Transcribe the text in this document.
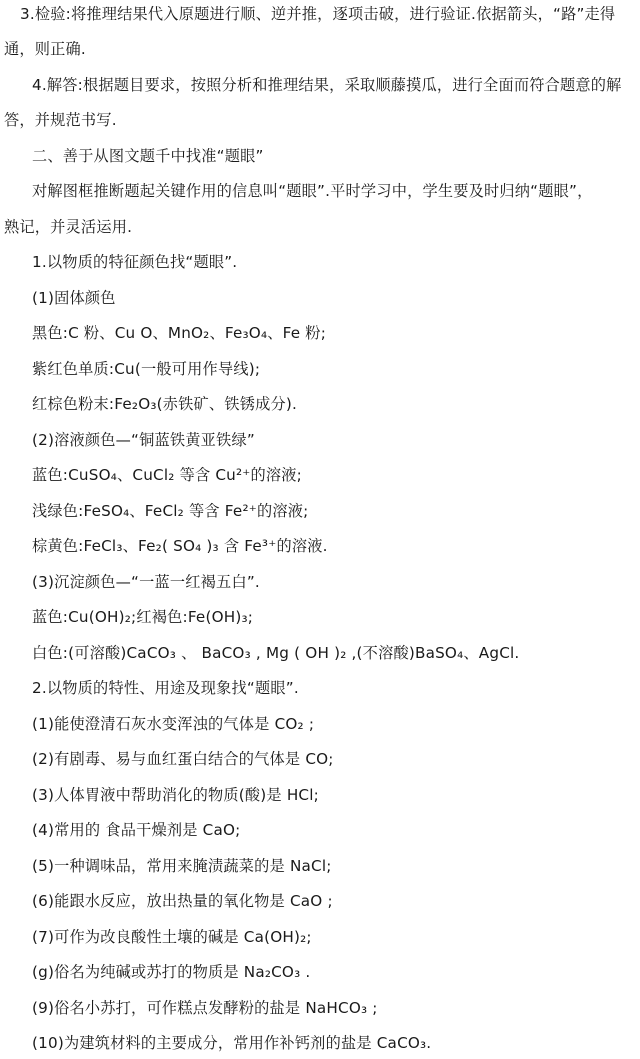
3.检验:将推理结果代入原题进行顺、逆并推，逐项击破，进行验证.依据箭头，“路”走得
通，则正确.
4.解答:根据题目要求，按照分析和推理结果，采取顺藤摸瓜，进行全面而符合题意的解
答，并规范书写.
二、善于从图文题千中找准“题眼”
对解图框推断题起关键作用的信息叫“题眼”.平时学习中，学生要及时归纳“题眼”，
熟记，并灵活运用.
1.以物质的特征颜色找“题眼”.
(1)固体颜色
黑色:C 粉、Cu O、MnO₂、Fe₃O₄、Fe 粉;
紫红色单质:Cu(一般可用作导线);
红棕色粉末:Fe₂O₃(赤铁矿、铁锈成分).
(2)溶液颜色—“铜蓝铁黄亚铁绿”
蓝色:CuSO₄、CuCl₂ 等含 Cu²⁺的溶液;
浅绿色:FeSO₄、FeCl₂ 等含 Fe²⁺的溶液;
棕黄色:FeCl₃、Fe₂( SO₄ )₃ 含 Fe³⁺的溶液.
(3)沉淀颜色—“一蓝一红褐五白”.
蓝色:Cu(OH)₂;红褐色:Fe(OH)₃;
白色:(可溶酸)CaCO₃ 、 BaCO₃ , Mg ( OH )₂ ,(不溶酸)BaSO₄、AgCl.
2.以物质的特性、用途及现象找“题眼”.
(1)能使澄清石灰水变浑浊的气体是 CO₂ ;
(2)有剧毒、易与血红蛋白结合的气体是 CO;
(3)人体胃液中帮助消化的物质(酸)是 HCl;
(4)常用的 食品干燥剂是 CaO;
(5)一种调味品，常用来腌渍蔬菜的是 NaCl;
(6)能跟水反应，放出热量的氧化物是 CaO ;
(7)可作为改良酸性土壤的碱是 Ca(OH)₂;
(g)俗名为纯碱或苏打的物质是 Na₂CO₃ .
(9)俗名小苏打，可作糕点发酵粉的盐是 NaHCO₃ ;
(10)为建筑材料的主要成分，常用作补钙剂的盐是 CaCO₃.
